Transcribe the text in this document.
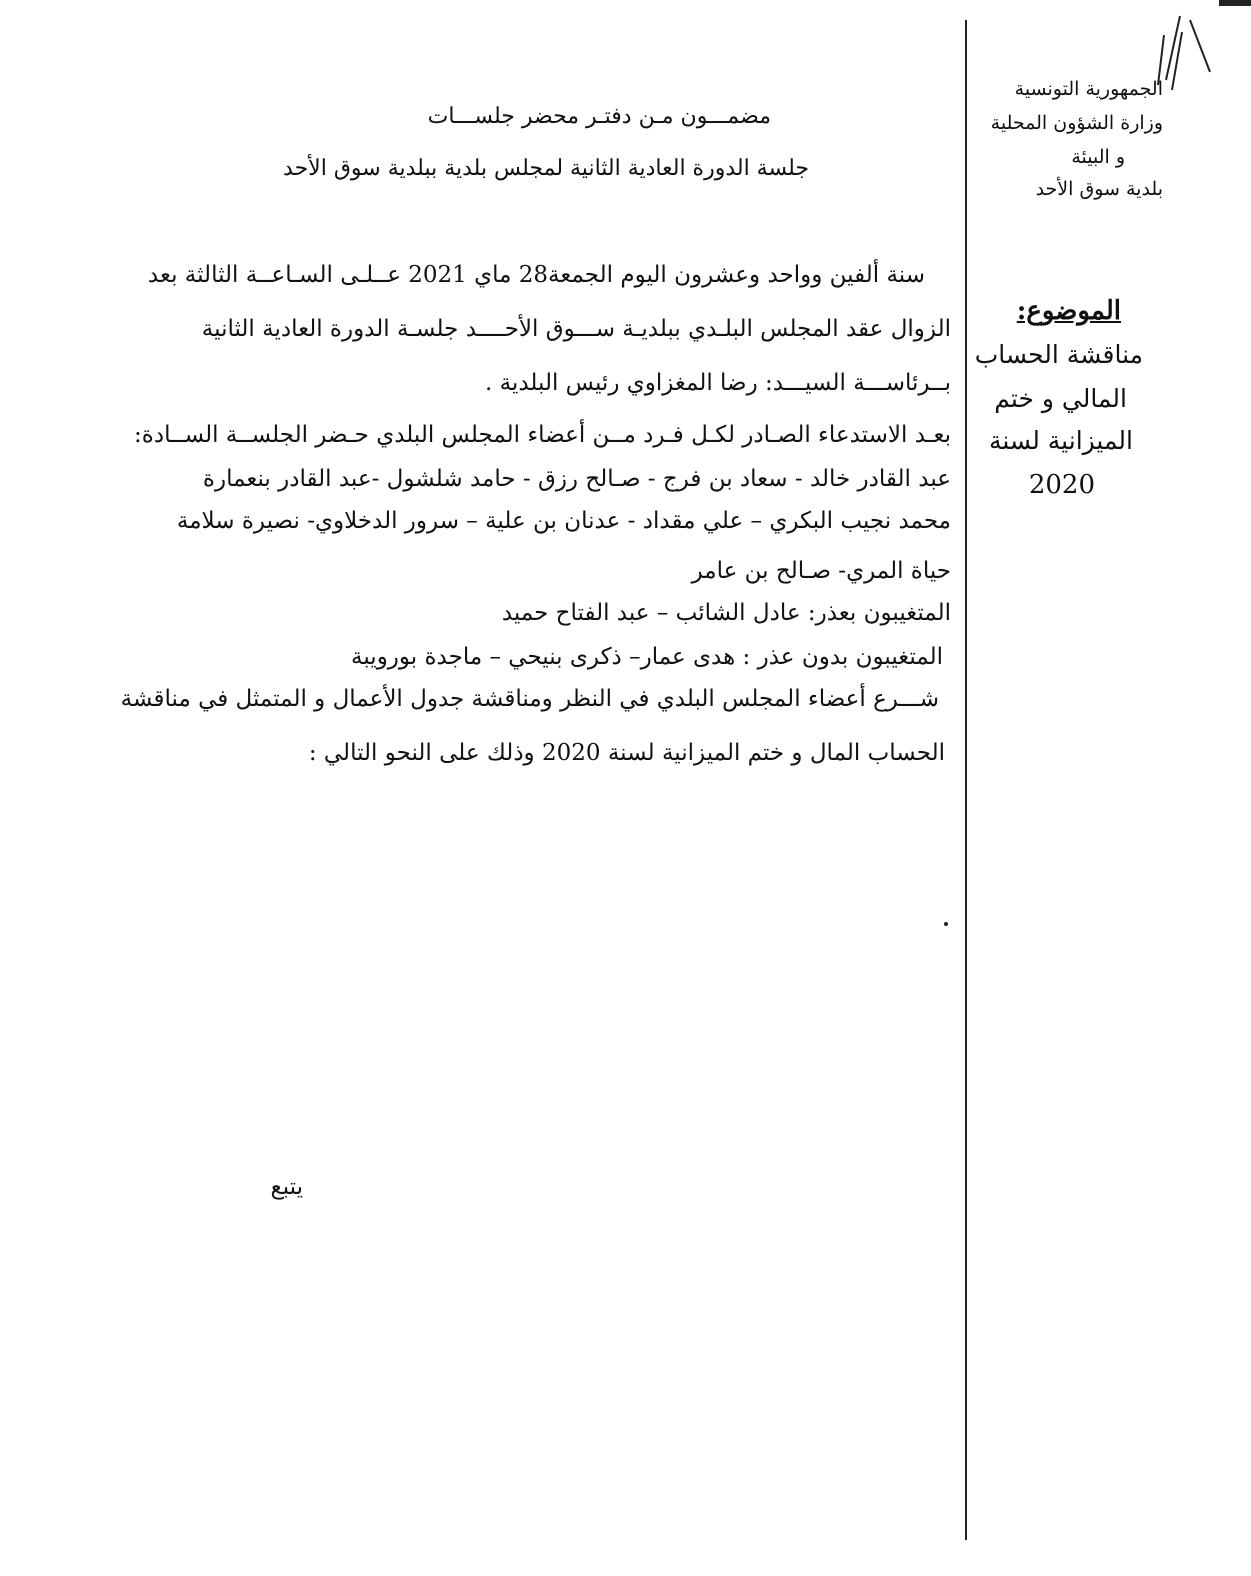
الجمهورية التونسية
وزارة الشؤون المحلية
و البيئة
بلدية سوق الأحد
الموضوع:
مناقشة الحساب
المالي و ختم
الميزانية لسنة
2020
مضمـــون مـن دفتـر محضر جلســـات
جلسة الدورة العادية الثانية لمجلس بلدية ببلدية سوق الأحد
سنة ألفين وواحد وعشرون اليوم الجمعة28 ماي 2021 عــلـى السـاعــة الثالثة بعد
الزوال عقد المجلس البلـدي ببلديـة ســـوق الأحــــد جلسـة الدورة العادية الثانية
بــرئاســـة السيـــد: رضا المغزاوي رئيس البلدية .
بعـد الاستدعاء الصـادر لكـل فـرد مــن أعضاء المجلس البلدي حـضر الجلســة الســادة:
عبد القادر خالد - سعاد بن فرج - صـالح رزق - حامد شلشول -عبد القادر بنعمارة
محمد نجيب البكري – علي مقداد - عدنان بن علية – سرور الدخلاوي- نصيرة سلامة
حياة المري- صـالح بن عامر
المتغيبون بعذر: عادل الشائب – عبد الفتاح حميد
المتغيبون بدون عذر : هدى عمار– ذكرى بنيحي – ماجدة بورويبة
شـــرع أعضاء المجلس البلدي في النظر ومناقشة جدول الأعمال و المتمثل في مناقشة
الحساب المال و ختم الميزانية لسنة 2020 وذلك على النحو التالي :
يتبع
